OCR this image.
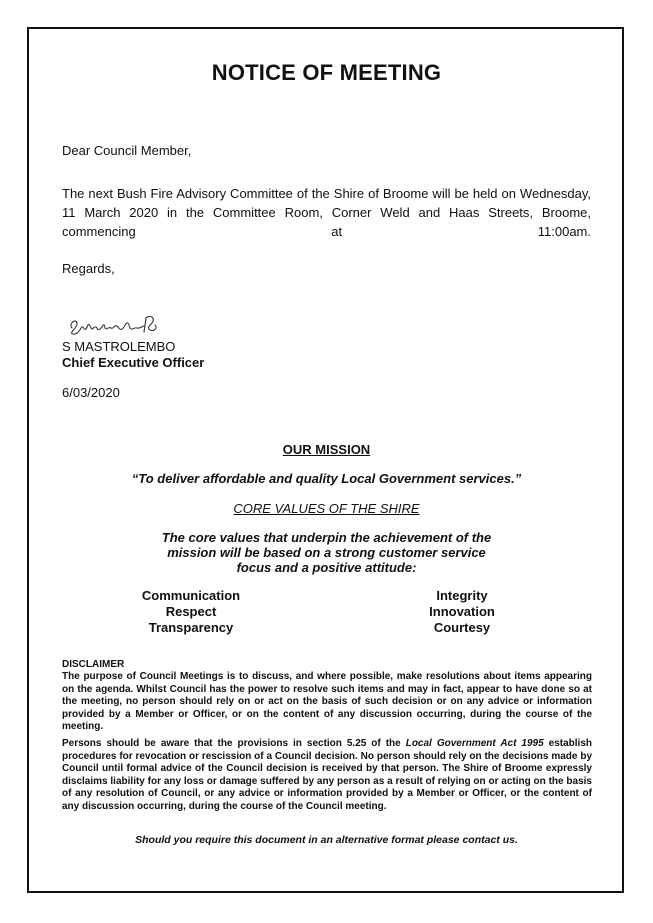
NOTICE OF MEETING
Dear Council Member,
The next Bush Fire Advisory Committee of the Shire of Broome will be held on Wednesday, 11 March 2020 in the Committee Room, Corner Weld and Haas Streets, Broome, commencing at 11:00am.
Regards,
S MASTROLEMBO
Chief Executive Officer
6/03/2020
OUR MISSION
“To deliver affordable and quality Local Government services.”
CORE VALUES OF THE SHIRE
The core values that underpin the achievement of the
mission will be based on a strong customer service
focus and a positive attitude:
Communication
Respect
Transparency
Integrity
Innovation
Courtesy
DISCLAIMER
The purpose of Council Meetings is to discuss, and where possible, make resolutions about items appearing on the agenda. Whilst Council has the power to resolve such items and may in fact, appear to have done so at the meeting, no person should rely on or act on the basis of such decision or on any advice or information provided by a Member or Officer, or on the content of any discussion occurring, during the course of the meeting.
Persons should be aware that the provisions in section 5.25 of the Local Government Act 1995 establish procedures for revocation or rescission of a Council decision. No person should rely on the decisions made by Council until formal advice of the Council decision is received by that person. The Shire of Broome expressly disclaims liability for any loss or damage suffered by any person as a result of relying on or acting on the basis of any resolution of Council, or any advice or information provided by a Member or Officer, or the content of any discussion occurring, during the course of the Council meeting.
Should you require this document in an alternative format please contact us.
